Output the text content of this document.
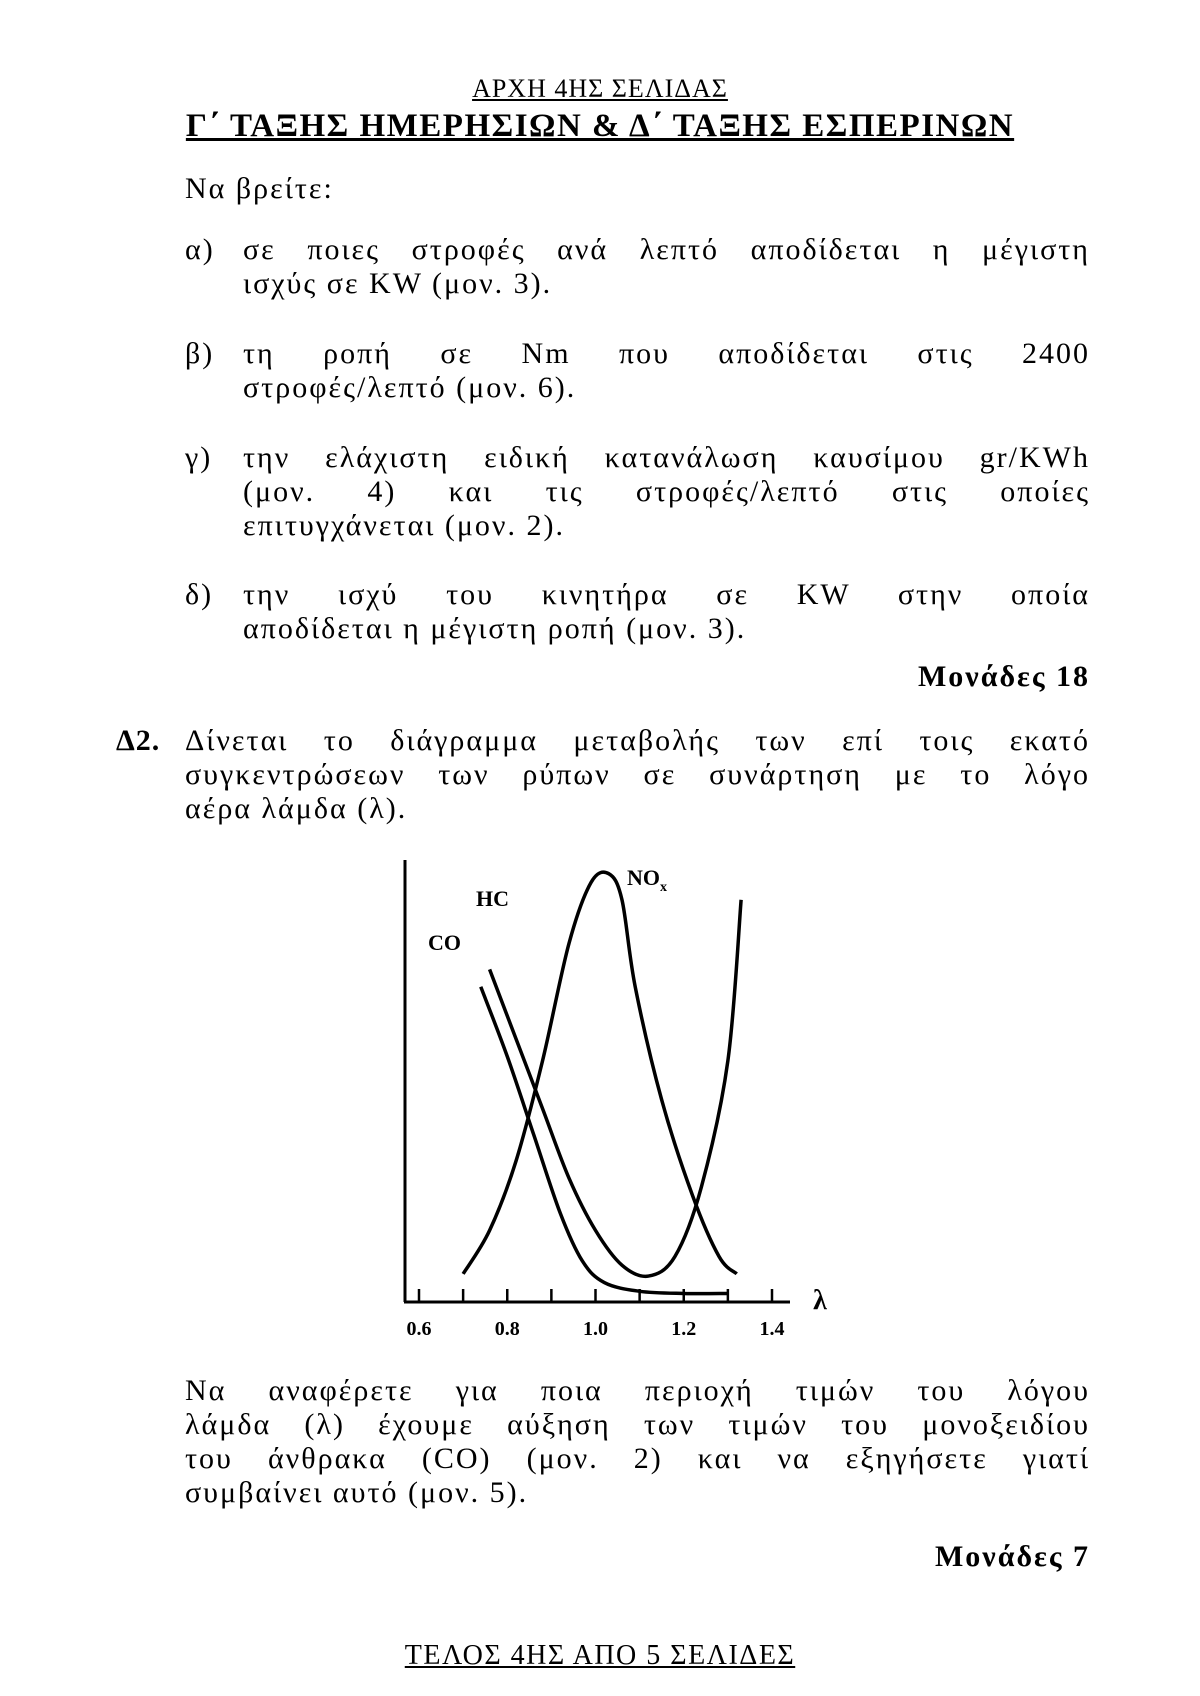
ΑΡΧΗ 4ΗΣ ΣΕΛΙΔΑΣ
Γ΄ ΤΑΞΗΣ ΗΜΕΡΗΣΙΩΝ & Δ΄ ΤΑΞΗΣ ΕΣΠΕΡΙΝΩΝ
Να βρείτε:
α) σε ποιες στροφές ανά λεπτό αποδίδεται η μέγιστη
ισχύς σε KW (μον. 3).
β) τη ροπή σε Nm που αποδίδεται στις 2400
στροφές/λεπτό (μον. 6).
γ) την ελάχιστη ειδική κατανάλωση καυσίμου gr/KWh
(μον. 4) και τις στροφές/λεπτό στις οποίες
επιτυγχάνεται (μον. 2).
δ) την ισχύ του κινητήρα σε KW στην οποία
αποδίδεται η μέγιστη ροπή (μον. 3).
Μονάδες 18
Δ2. Δίνεται το διάγραμμα μεταβολής των επί τοις εκατό
συγκεντρώσεων των ρύπων σε συνάρτηση με το λόγο
αέρα λάμδα (λ).
0.6	0.8	1.0	1.2	1.4
λ
CO
HC
$NO_x$
Να αναφέρετε για ποια περιοχή τιμών του λόγου
λάμδα (λ) έχουμε αύξηση των τιμών του μονοξειδίου
του άνθρακα (CO) (μον. 2) και να εξηγήσετε γιατί
συμβαίνει αυτό (μον. 5).
Μονάδες 7
ΤΕΛΟΣ 4ΗΣ ΑΠΟ 5 ΣΕΛΙΔΕΣ
